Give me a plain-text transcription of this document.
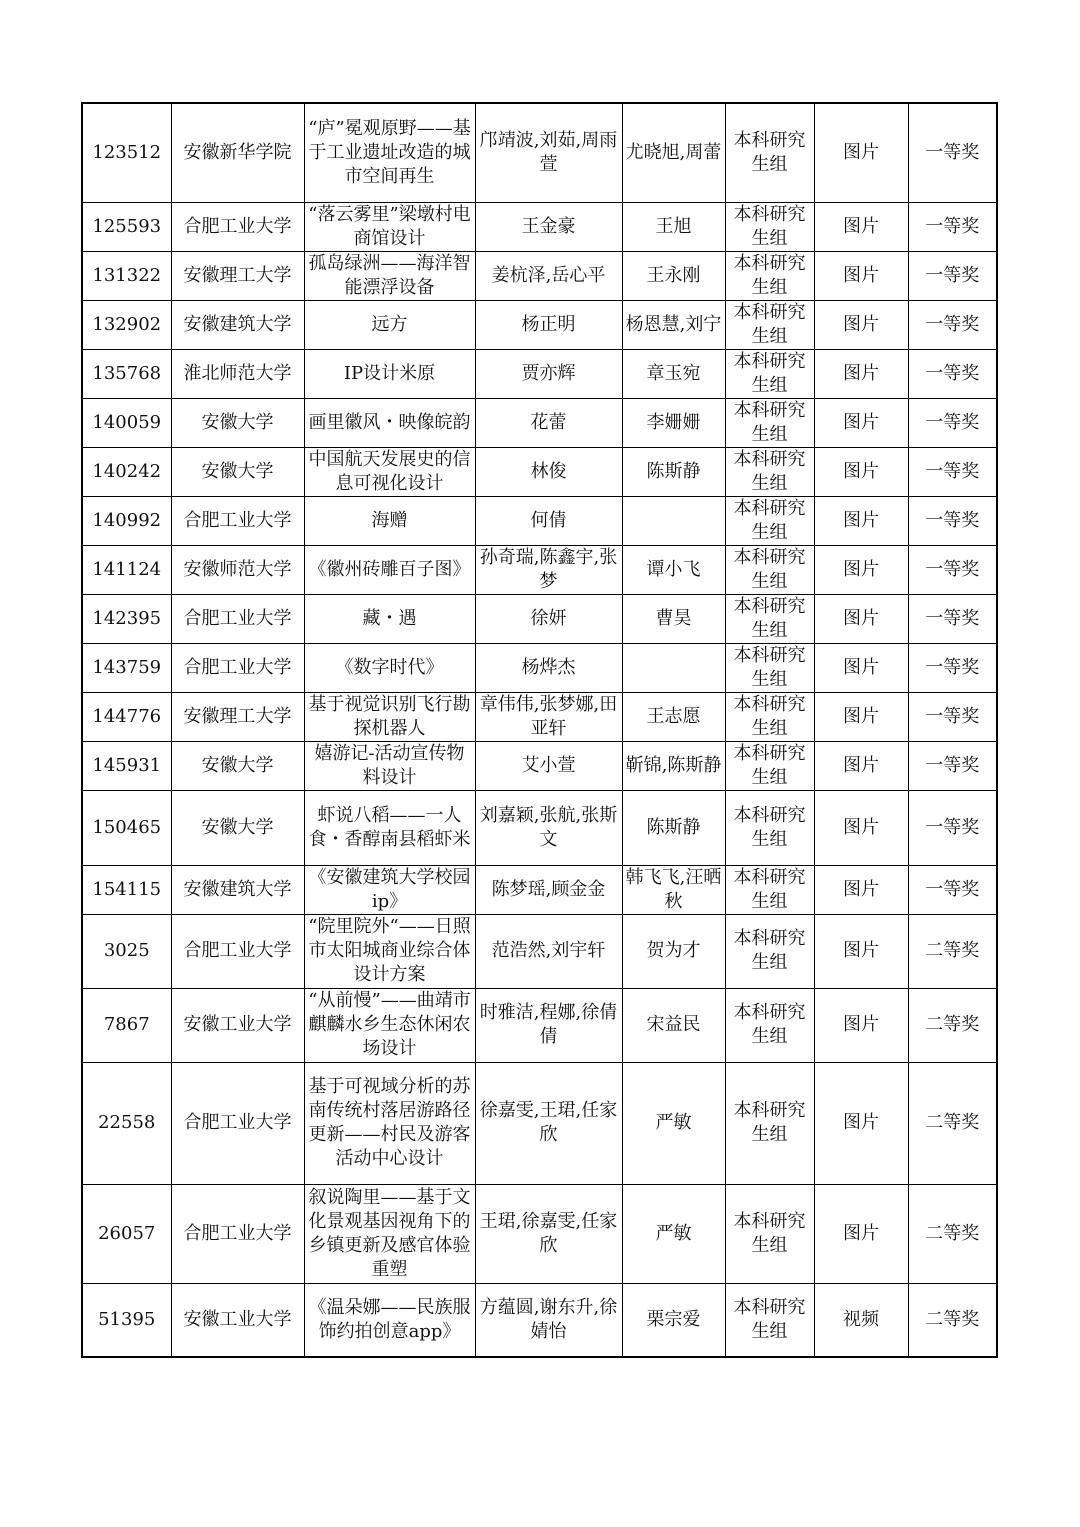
123512	安徽新华学院	“庐”冕观原野——基于工业遗址改造的城市空间再生	邝靖波,刘茹,周雨萱	尤晓旭,周蕾	本科研究生组	图片	一等奖
125593	合肥工业大学	“落云雾里”梁墩村电商馆设计	王金豪	王旭	本科研究生组	图片	一等奖
131322	安徽理工大学	孤岛绿洲——海洋智能漂浮设备	姜杭泽,岳心平	王永刚	本科研究生组	图片	一等奖
132902	安徽建筑大学	远方	杨正明	杨恩慧,刘宁	本科研究生组	图片	一等奖
135768	淮北师范大学	IP设计米原	贾亦辉	章玉宛	本科研究生组	图片	一等奖
140059	安徽大学	画里徽风・映像皖韵	花蕾	李姗姗	本科研究生组	图片	一等奖
140242	安徽大学	中国航天发展史的信息可视化设计	林俊	陈斯静	本科研究生组	图片	一等奖
140992	合肥工业大学	海赠	何倩		本科研究生组	图片	一等奖
141124	安徽师范大学	《徽州砖雕百子图》	孙奇瑞,陈鑫宇,张梦	谭小飞	本科研究生组	图片	一等奖
142395	合肥工业大学	藏・遇	徐妍	曹昊	本科研究生组	图片	一等奖
143759	合肥工业大学	《数字时代》	杨烨杰		本科研究生组	图片	一等奖
144776	安徽理工大学	基于视觉识别飞行勘探机器人	章伟伟,张梦娜,田亚轩	王志愿	本科研究生组	图片	一等奖
145931	安徽大学	嬉游记-活动宣传物料设计	艾小萱	靳锦,陈斯静	本科研究生组	图片	一等奖
150465	安徽大学	虾说八稻——一人食・香醇南县稻虾米	刘嘉颖,张航,张斯文	陈斯静	本科研究生组	图片	一等奖
154115	安徽建筑大学	《安徽建筑大学校园ip》	陈梦瑶,顾金金	韩飞飞,汪晒秋	本科研究生组	图片	一等奖
3025	合肥工业大学	“院里院外“——日照市太阳城商业综合体设计方案	范浩然,刘宇轩	贺为才	本科研究生组	图片	二等奖
7867	安徽工业大学	“从前慢”——曲靖市麒麟水乡生态休闲农场设计	时雅洁,程娜,徐倩倩	宋益民	本科研究生组	图片	二等奖
22558	合肥工业大学	基于可视域分析的苏南传统村落居游路径更新——村民及游客活动中心设计	徐嘉雯,王珺,任家欣	严敏	本科研究生组	图片	二等奖
26057	合肥工业大学	叙说陶里——基于文化景观基因视角下的乡镇更新及感官体验重塑	王珺,徐嘉雯,任家欣	严敏	本科研究生组	图片	二等奖
51395	安徽工业大学	《温朵娜——民族服饰约拍创意app》	方蕴圆,谢东升,徐婧怡	栗宗爱	本科研究生组	视频	二等奖
